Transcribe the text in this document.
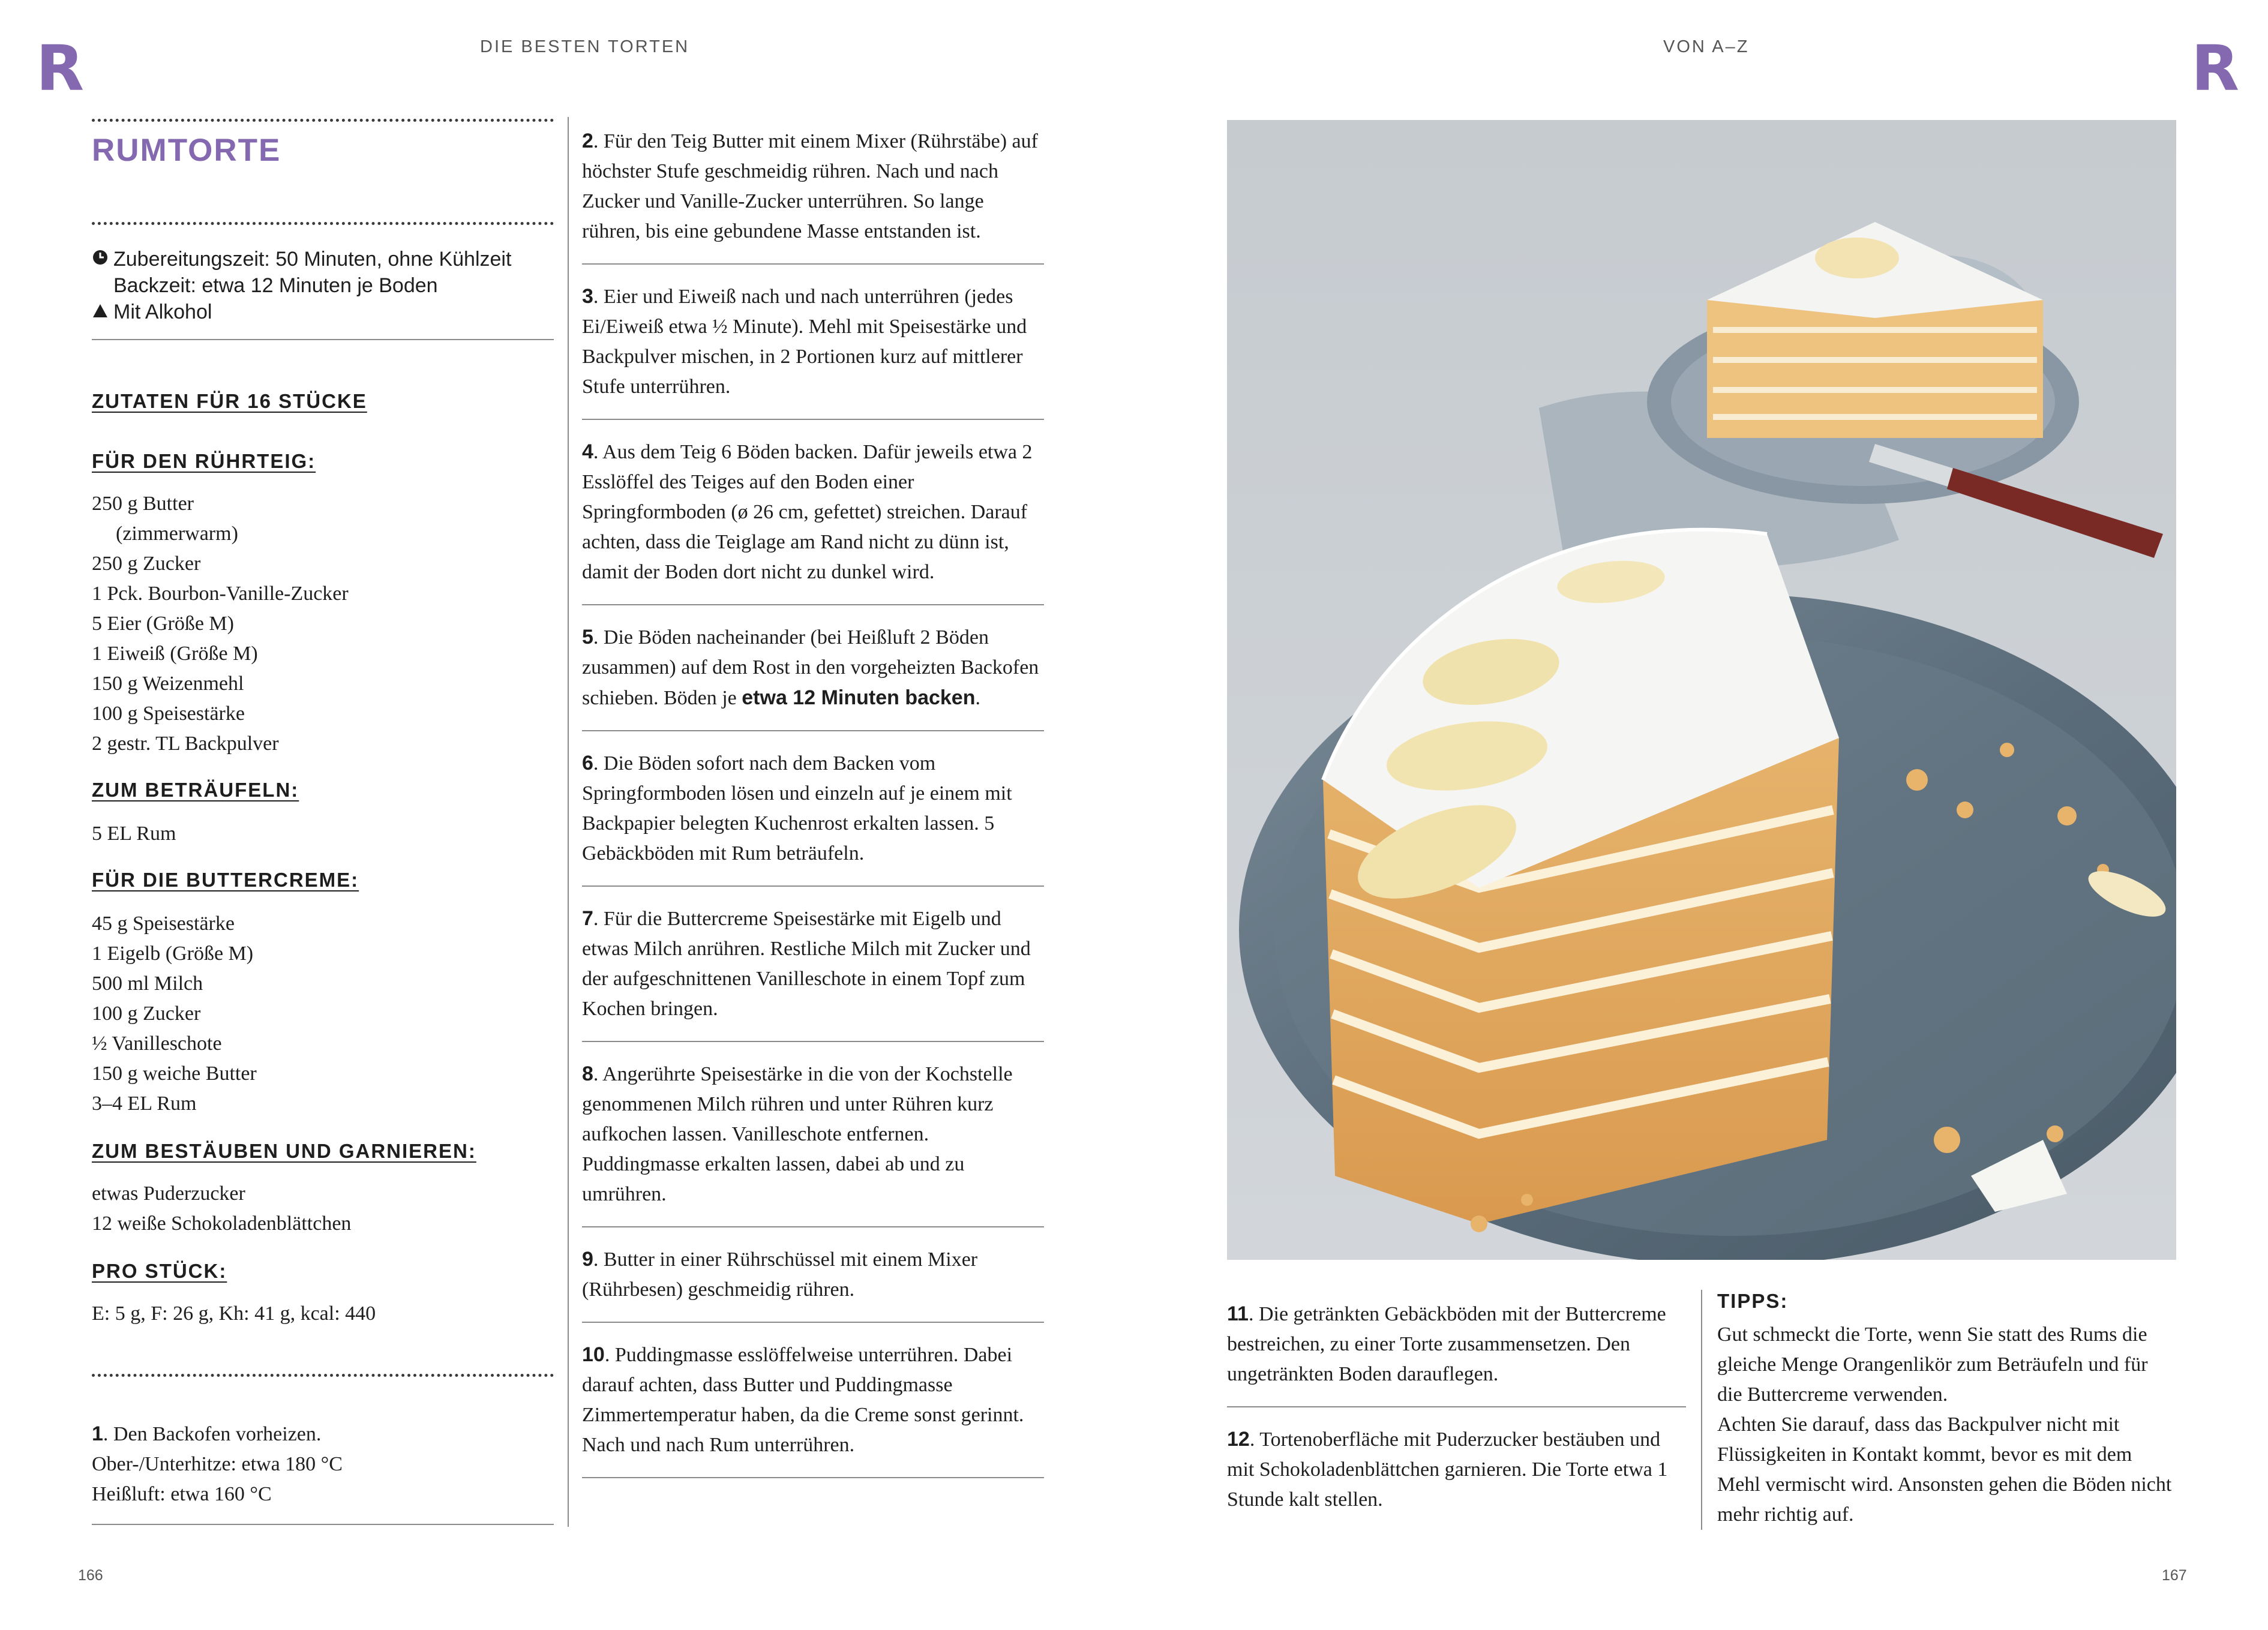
R	DIE BESTEN TORTEN
RUMTORTE
Zubereitungszeit: 50 Minuten, ohne Kühlzeit
Backzeit: etwa 12 Minuten je Boden
Mit Alkohol
ZUTATEN FÜR 16 STÜCKE
FÜR DEN RÜHRTEIG:
250 g Butter
(zimmerwarm)
250 g Zucker
1 Pck. Bourbon-Vanille-Zucker
5 Eier (Größe M)
1 Eiweiß (Größe M)
150 g Weizenmehl
100 g Speisestärke
2 gestr. TL Backpulver
ZUM BETRÄUFELN:
5 EL Rum
FÜR DIE BUTTERCREME:
45 g Speisestärke
1 Eigelb (Größe M)
500 ml Milch
100 g Zucker
½ Vanilleschote
150 g weiche Butter
3–4 EL Rum
ZUM BESTÄUBEN UND GARNIEREN:
etwas Puderzucker
12 weiße Schokoladenblättchen
PRO STÜCK:
E: 5 g, F: 26 g, Kh: 41 g, kcal: 440
1. Den Backofen vorheizen.
Ober-/Unterhitze: etwa 180 °C
Heißluft: etwa 160 °C
2. Für den Teig Butter mit einem Mixer (Rührstäbe) auf höchster Stufe geschmeidig rühren. Nach und nach Zucker und Vanille-Zucker unterrühren. So lange rühren, bis eine gebundene Masse entstanden ist.
3. Eier und Eiweiß nach und nach unterrühren (jedes Ei/Eiweiß etwa ½ Minute). Mehl mit Speisestärke und Backpulver mischen, in 2 Portionen kurz auf mittlerer Stufe unterrühren.
4. Aus dem Teig 6 Böden backen. Dafür jeweils etwa 2 Esslöffel des Teiges auf den Boden einer Springformboden (ø 26 cm, gefettet) streichen. Darauf achten, dass die Teiglage am Rand nicht zu dünn ist, damit der Boden dort nicht zu dunkel wird.
5. Die Böden nacheinander (bei Heißluft 2 Böden zusammen) auf dem Rost in den vorgeheizten Backofen schieben. Böden je etwa 12 Minuten backen.
6. Die Böden sofort nach dem Backen vom Springformboden lösen und einzeln auf je einem mit Backpapier belegten Kuchenrost erkalten lassen. 5 Gebäckböden mit Rum beträufeln.
7. Für die Buttercreme Speisestärke mit Eigelb und etwas Milch anrühren. Restliche Milch mit Zucker und der aufgeschnittenen Vanilleschote in einem Topf zum Kochen bringen.
8. Angerührte Speisestärke in die von der Kochstelle genommenen Milch rühren und unter Rühren kurz aufkochen lassen. Vanilleschote entfernen. Puddingmasse erkalten lassen, dabei ab und zu umrühren.
9. Butter in einer Rührschüssel mit einem Mixer (Rührbesen) geschmeidig rühren.
10. Puddingmasse esslöffelweise unterrühren. Dabei darauf achten, dass Butter und Puddingmasse Zimmertemperatur haben, da die Creme sonst gerinnt. Nach und nach Rum unterrühren.
166
VON A–Z	R
11. Die getränkten Gebäckböden mit der Buttercreme bestreichen, zu einer Torte zusammensetzen. Den ungetränkten Boden darauflegen.
12. Tortenoberfläche mit Puderzucker bestäuben und mit Schokoladenblättchen garnieren. Die Torte etwa 1 Stunde kalt stellen.
TIPPS:
Gut schmeckt die Torte, wenn Sie statt des Rums die gleiche Menge Orangenlikör zum Beträufeln und für die Buttercreme verwenden.
Achten Sie darauf, dass das Backpulver nicht mit Flüssigkeiten in Kontakt kommt, bevor es mit dem Mehl vermischt wird. Ansonsten gehen die Böden nicht mehr richtig auf.
167
